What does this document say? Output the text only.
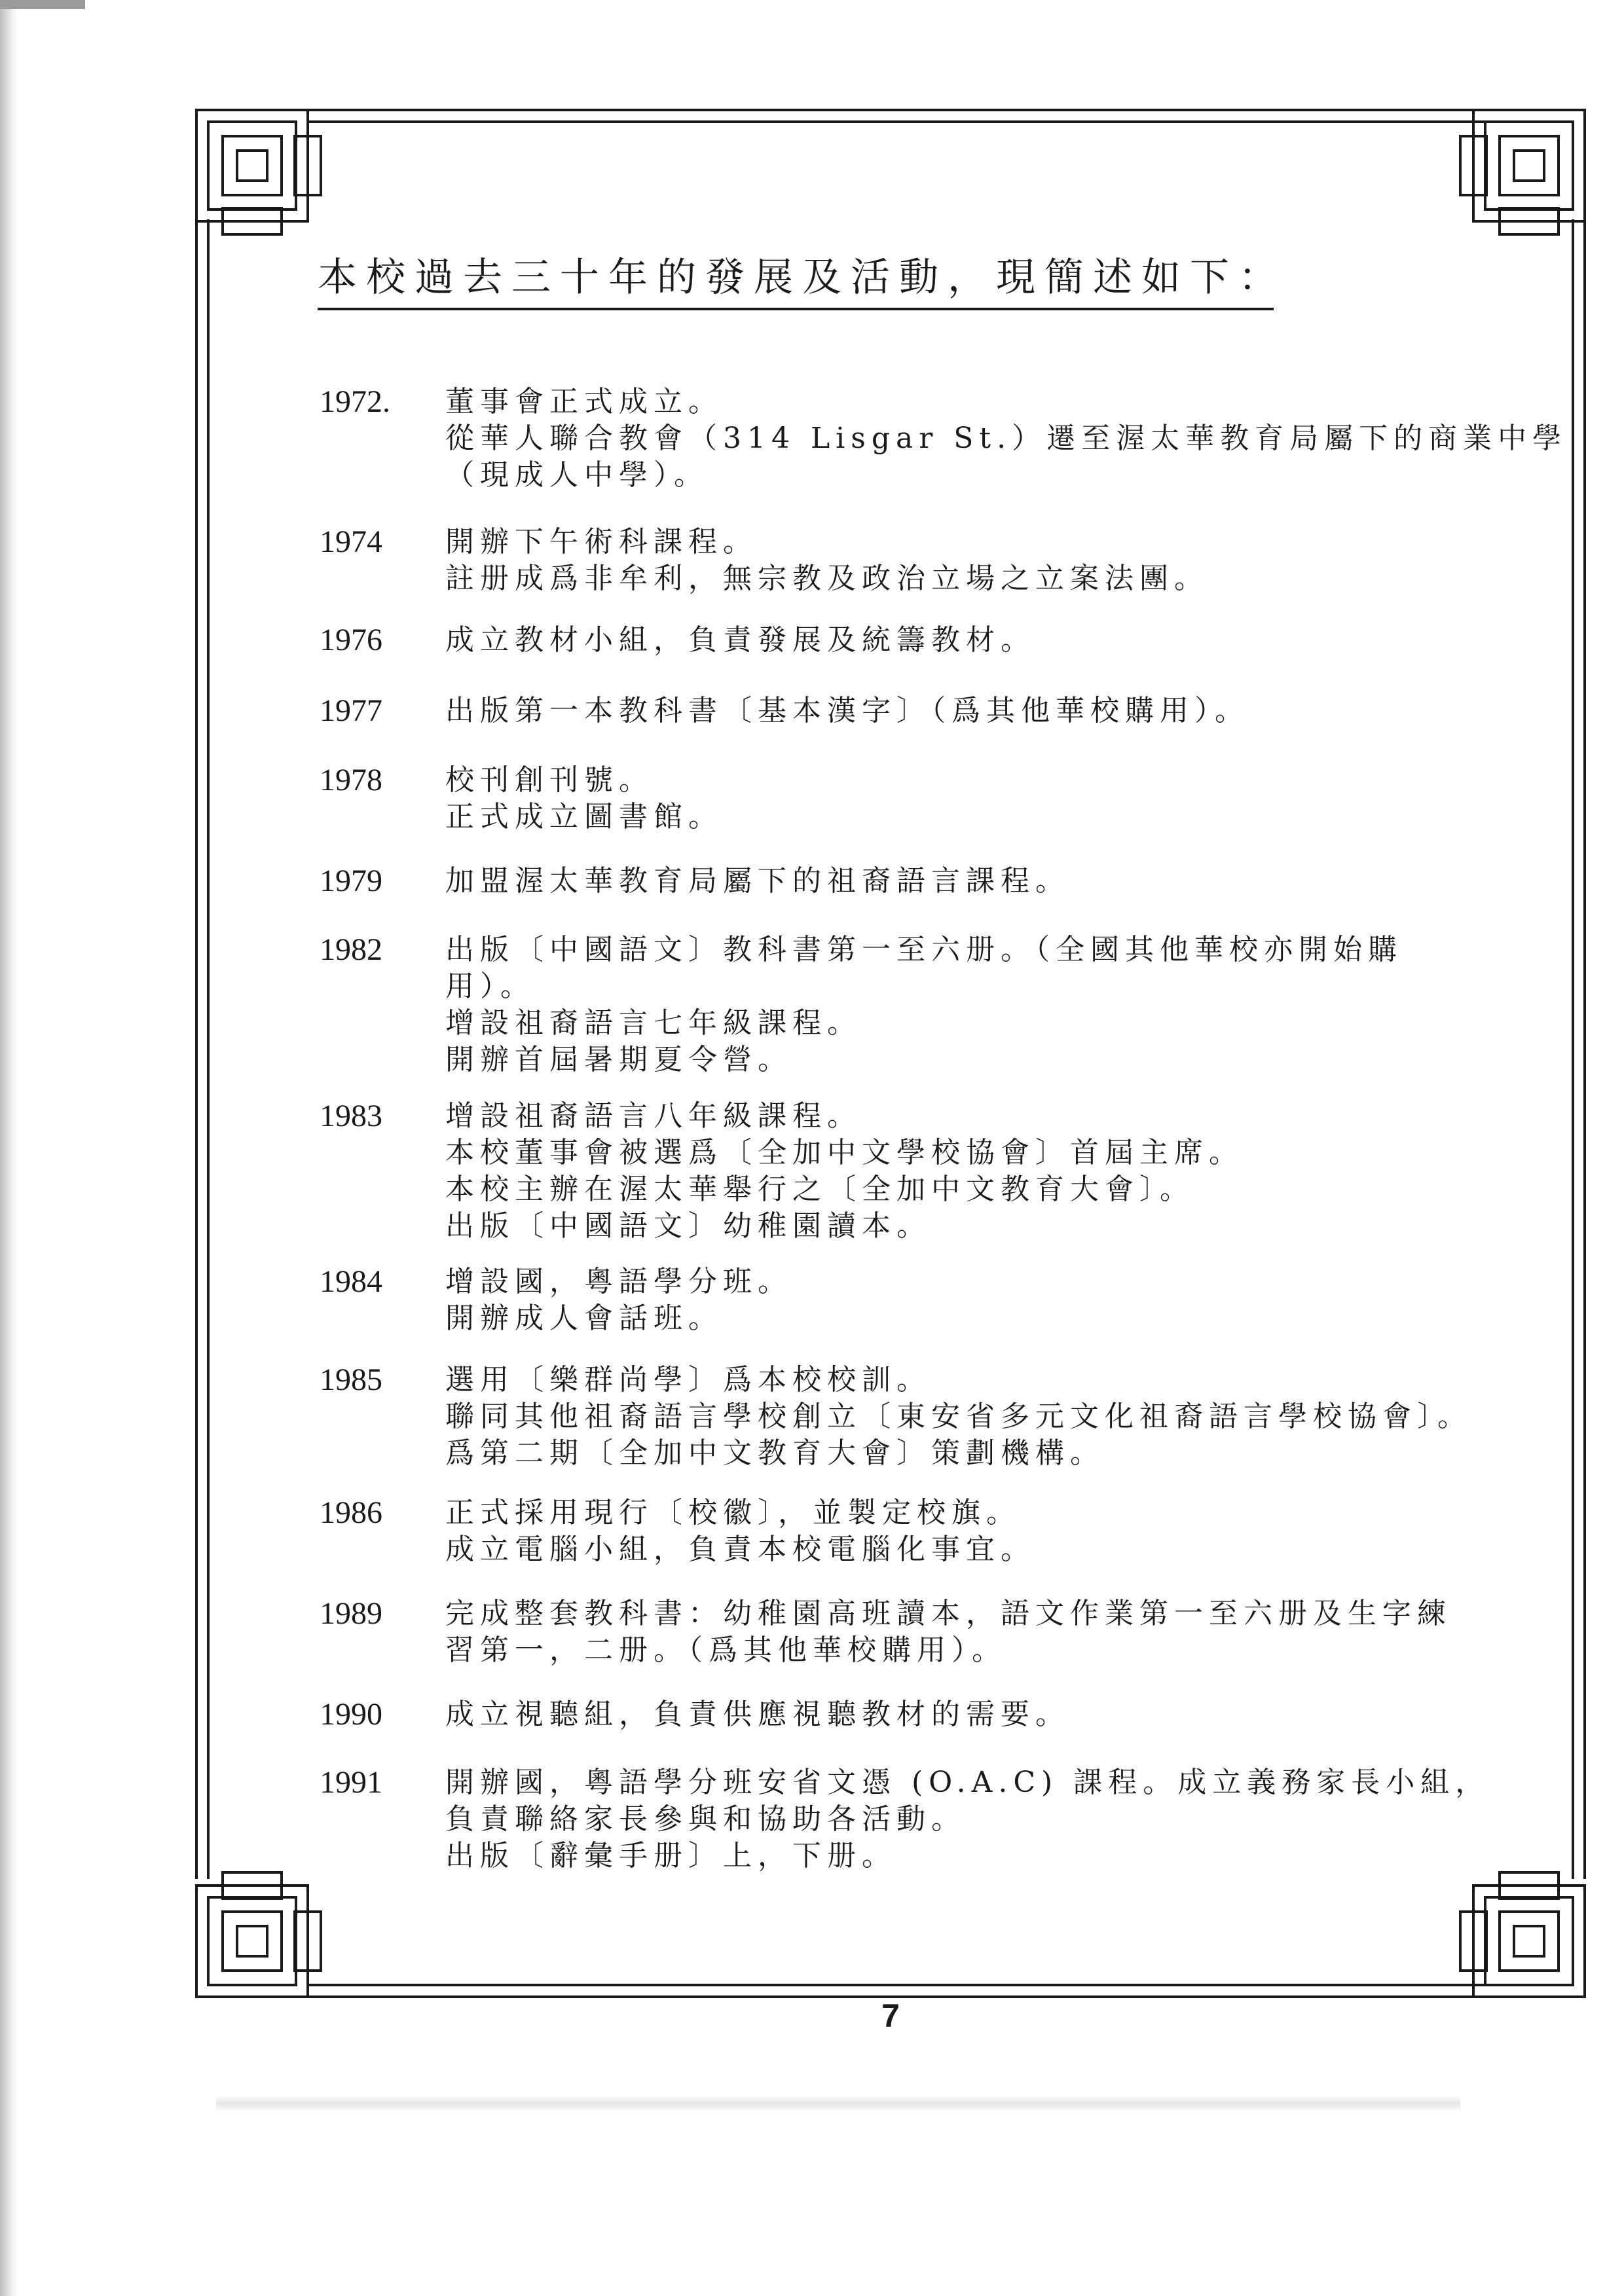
本校過去三十年的發展及活動，現簡述如下：
1972.	董事會正式成立。
從華人聯合教會（314 Lisgar St.）遷至渥太華教育局屬下的商業中學
（現成人中學）。
1974	開辦下午術科課程。
註册成爲非牟利，無宗教及政治立場之立案法團。
1976	成立教材小組，負責發展及統籌教材。
1977	出版第一本教科書〔基本漢字〕（爲其他華校購用）。
1978	校刊創刊號。
正式成立圖書館。
1979	加盟渥太華教育局屬下的祖裔語言課程。
1982	出版〔中國語文〕教科書第一至六册。（全國其他華校亦開始購
用）。
增設祖裔語言七年級課程。
開辦首屆暑期夏令營。
1983	增設祖裔語言八年級課程。
本校董事會被選爲〔全加中文學校協會〕首屆主席。
本校主辦在渥太華舉行之〔全加中文教育大會〕。
出版〔中國語文〕幼稚園讀本。
1984	增設國，粵語學分班。
開辦成人會話班。
1985	選用〔樂群尚學〕爲本校校訓。
聯同其他祖裔語言學校創立〔東安省多元文化祖裔語言學校協會〕。
爲第二期〔全加中文教育大會〕策劃機構。
1986	正式採用現行〔校徽〕，並製定校旗。
成立電腦小組，負責本校電腦化事宜。
1989	完成整套教科書：幼稚園高班讀本，語文作業第一至六册及生字練
習第一，二册。（爲其他華校購用）。
1990	成立視聽組，負責供應視聽教材的需要。
1991	開辦國，粵語學分班安省文憑 (O.A.C) 課程。成立義務家長小組，
負責聯絡家長參與和協助各活動。
出版〔辭彙手册〕上，下册。
7
